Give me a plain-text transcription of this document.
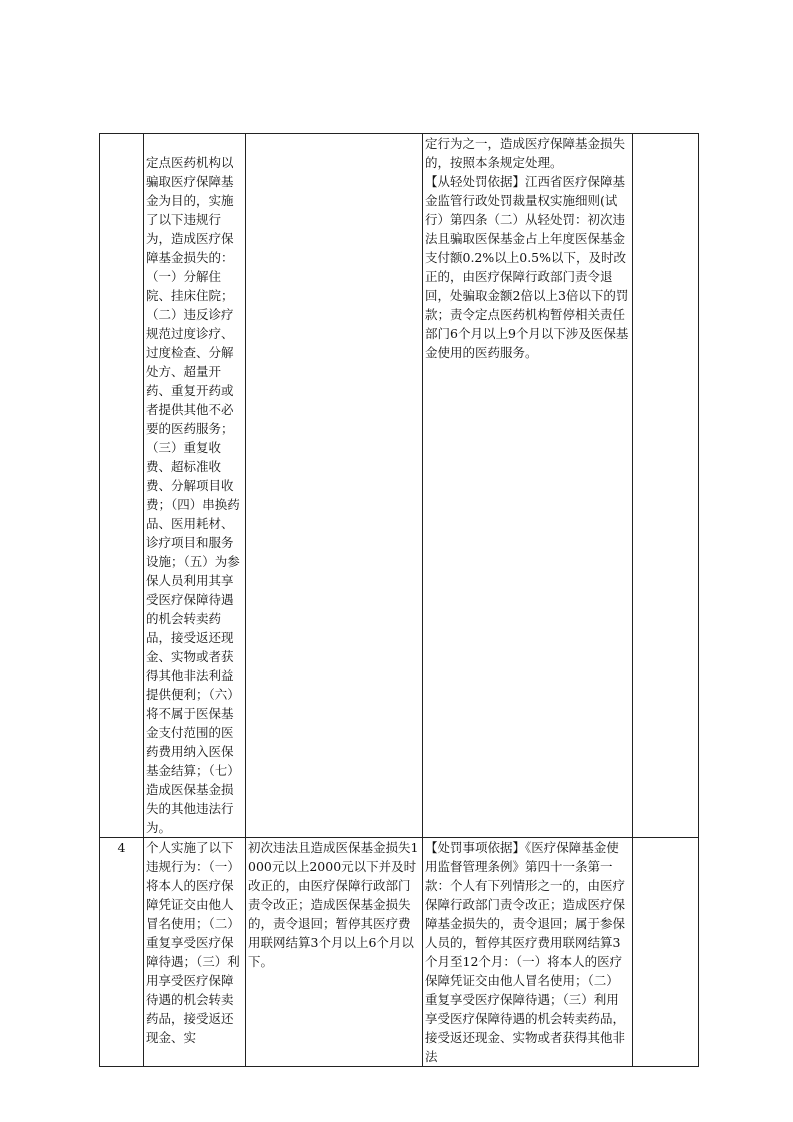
	定点医药机构以骗取医疗保障基金为目的，实施了以下违规行为，造成医疗保障基金损失的：（一）分解住院、挂床住院；（二）违反诊疗规范过度诊疗、过度检查、分解处方、超量开药、重复开药或者提供其他不必要的医药服务；（三）重复收费、超标准收费、分解项目收费；（四）串换药品、医用耗材、诊疗项目和服务设施；（五）为参保人员利用其享受医疗保障待遇的机会转卖药品，接受返还现金、实物或者获得其他非法利益提供便利；（六）将不属于医保基金支付范围的医药费用纳入医保基金结算；（七）造成医保基金损失的其他违法行为。		定行为之一，造成医疗保障基金损失的，按照本条规定处理。
【从轻处罚依据】江西省医疗保障基金监管行政处罚裁量权实施细则(试行）第四条（二）从轻处罚：初次违法且骗取医保基金占上年度医保基金支付额0.2%以上0.5%以下，及时改正的，由医疗保障行政部门责令退回，处骗取金额2倍以上3倍以下的罚款；责令定点医药机构暂停相关责任部门6个月以上9个月以下涉及医保基金使用的医药服务。	

4	个人实施了以下违规行为：（一）将本人的医疗保障凭证交由他人冒名使用；（二）重复享受医疗保障待遇；（三）利用享受医疗保障待遇的机会转卖药品，接受返还现金、实	初次违法且造成医保基金损失1000元以上2000元以下并及时改正的，由医疗保障行政部门责令改正；造成医保基金损失的，责令退回；暂停其医疗费用联网结算3个月以上6个月以下。	【处罚事项依据】《医疗保障基金使用监督管理条例》第四十一条第一款：个人有下列情形之一的，由医疗保障行政部门责令改正；造成医疗保障基金损失的，责令退回；属于参保人员的，暂停其医疗费用联网结算3个月至12个月：（一）将本人的医疗保障凭证交由他人冒名使用；（二）重复享受医疗保障待遇；（三）利用享受医疗保障待遇的机会转卖药品，接受返还现金、实物或者获得其他非法	
